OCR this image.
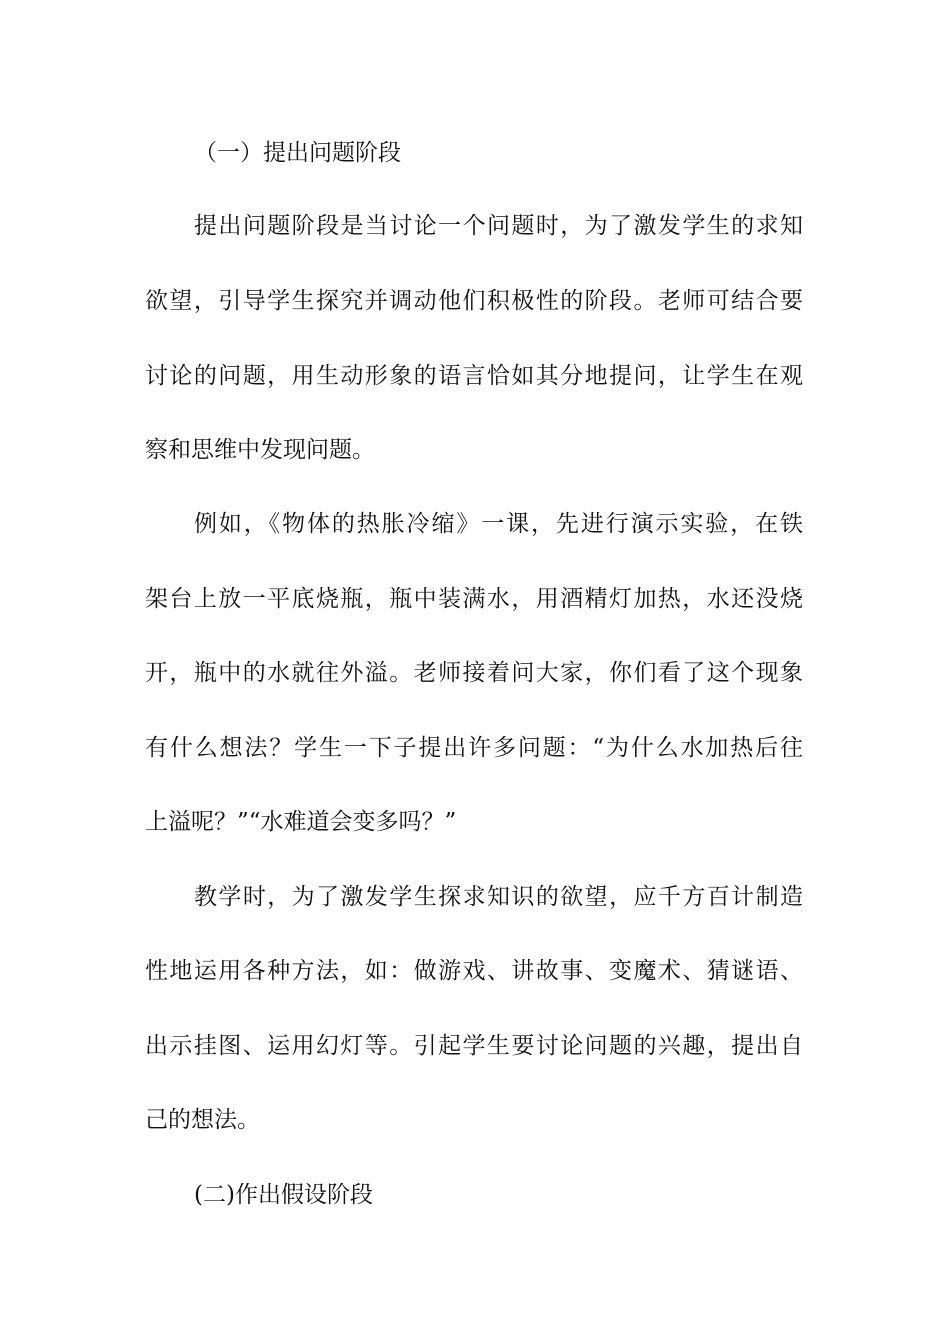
（一）提出问题阶段

提出问题阶段是当讨论一个问题时，为了激发学生的求知

欲望，引导学生探究并调动他们积极性的阶段。老师可结合要

讨论的问题，用生动形象的语言恰如其分地提问，让学生在观

察和思维中发现问题。

例如，《物体的热胀冷缩》一课，先进行演示实验，在铁

架台上放一平底烧瓶，瓶中装满水，用酒精灯加热，水还没烧

开，瓶中的水就往外溢。老师接着问大家，你们看了这个现象

有什么想法？学生一下子提出许多问题：“为什么水加热后往

上溢呢？”“水难道会变多吗？”

教学时，为了激发学生探求知识的欲望，应千方百计制造

性地运用各种方法，如：做游戏、讲故事、变魔术、猜谜语、

出示挂图、运用幻灯等。引起学生要讨论问题的兴趣，提出自

己的想法。

(二)作出假设阶段
